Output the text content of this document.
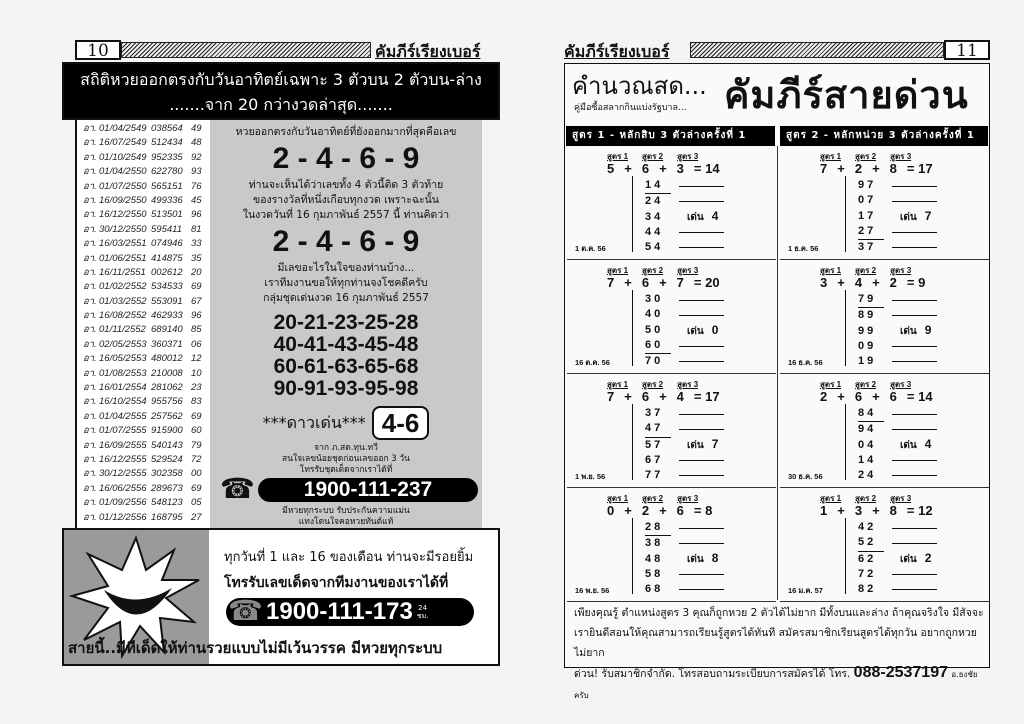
10	คัมภีร์เรียงเบอร์
สถิติหวยออกตรงกับวันอาทิตย์เฉพาะ 3 ตัวบน 2 ตัวบน-ล่าง
.......จาก 20 กว่างวดล่าสุด.......
อา. 01/04/2549 038564 49
อา. 16/07/2549 512434 48
อา. 01/10/2549 952335 92
อา. 01/04/2550 622780 93
อา. 01/07/2550 565151 76
อา. 16/09/2550 499336 45
อา. 16/12/2550 513501 96
อา. 30/12/2550 595411 81
อา. 16/03/2551 074946 33
อา. 01/06/2551 414875 35
อา. 16/11/2551 002612 20
อา. 01/02/2552 534533 69
อา. 01/03/2552 553091 67
อา. 16/08/2552 462933 96
อา. 01/11/2552 689140 85
อา. 02/05/2553 360371 06
อา. 16/05/2553 480012 12
อา. 01/08/2553 210008 10
อา. 16/01/2554 281062 23
อา. 16/10/2554 955756 83
อา. 01/04/2555 257562 69
อา. 01/07/2555 915900 60
อา. 16/09/2555 540143 79
อา. 16/12/2555 529524 72
อา. 30/12/2555 302358 00
อา. 16/06/2556 289673 69
อา. 01/09/2556 548123 05
อา. 01/12/2556 168795 27
หวยออกตรงกับวันอาทิตย์ที่ยังออกมากที่สุดคือเลข
2 - 4 - 6 - 9
ท่านจะเห็นได้ว่าเลขทั้ง 4 ตัวนี้ติด 3 ตัวท้าย
ของรางวัลที่หนึ่งเกือบทุกงวด เพราะฉะนั้น
ในงวดวันที่ 16 กุมภาพันธ์ 2557 นี้ ท่านคิดว่า
2 - 4 - 6 - 9
มีเลขอะไรในใจของท่านบ้าง...
เราทีมงานขอให้ทุกท่านจงโชคดีครับ
กลุ่มชุดเด่นงวด 16 กุมภาพันธ์ 2557
20-21-23-25-28
40-41-43-45-48
60-61-63-65-68
90-91-93-95-98
***ดาวเด่น*** 4-6
จาก ภ.สด.ทุน.ทวี
สนใจเลขน้อยชุดก่อนเลขออก 3 วัน
โทรรับชุดเด็ดจากเราได้ที่
☎	1900-111-237
มีหวยทุกระบบ รับประกันความแม่น
แทงโดนใจคอหวยทันต์แท้
ทุกวันที่ 1 และ 16 ของเดือน ท่านจะมีรอยยิ้ม
โทรรับเลขเด็ดจากทีมงานของเราได้ที่
☎ 1900-111-173 24
ชม.
สายนี้..มีทีเด็ดให้ท่านรวยแบบไม่มีเว้นวรรค มีหวยทุกระบบ
คัมภีร์เรียงเบอร์	11
คำนวณสด...
คู่มือซื้อสลากกินแบ่งรัฐบาล... คัมภีร์สายด่วน
สูตร 1 - หลักสิบ 3 ตัวล่างครั้งที่ 1	สูตร 2 - หลักหน่วย 3 ตัวล่างครั้งที่ 1
สูตร 1 สูตร 2 สูตร 3
5 + 6 + 3 = 14
1 4
2 4
3 4
4 4
5 4
เด่น 4
1 ต.ค. 56
สูตร 1 สูตร 2 สูตร 3
7 + 6 + 7 = 20
3 0
4 0
5 0
6 0
7 0
เด่น 0
16 ต.ค. 56
สูตร 1 สูตร 2 สูตร 3
7 + 6 + 4 = 17
3 7
4 7
5 7
6 7
7 7
เด่น 7
1 พ.ย. 56
สูตร 1 สูตร 2 สูตร 3
0 + 2 + 6 = 8
2 8
3 8
4 8
5 8
6 8
เด่น 8
16 พ.ย. 56
สูตร 1 สูตร 2 สูตร 3
7 + 2 + 8 = 17
9 7
0 7
1 7
2 7
3 7
เด่น 7
1 ธ.ค. 56
สูตร 1 สูตร 2 สูตร 3
3 + 4 + 2 = 9
7 9
8 9
9 9
0 9
1 9
เด่น 9
16 ธ.ค. 56
สูตร 1 สูตร 2 สูตร 3
2 + 6 + 6 = 14
8 4
9 4
0 4
1 4
2 4
เด่น 4
30 ธ.ค. 56
สูตร 1 สูตร 2 สูตร 3
1 + 3 + 8 = 12
4 2
5 2
6 2
7 2
8 2
เด่น 2
16 ม.ค. 57
เพียงคุณรู้ ตำแหน่งสูตร 3 คุณก็ถูกหวย 2 ตัวได้ไม่ยาก มีทั้งบนและล่าง ถ้าคุณจริงใจ มีสัจจะ
เรายินดีสอนให้คุณสามารถเรียนรู้สูตรได้ทันที สมัครสมาชิกเรียนสูตรได้ทุกวัน อยากถูกหวย ไม่ยาก
ด่วน! รับสมาชิกจำกัด. โทรสอบถามระเบียบการสมัครได้ โทร. 088-2537197 อ.ธงชัยครับ
